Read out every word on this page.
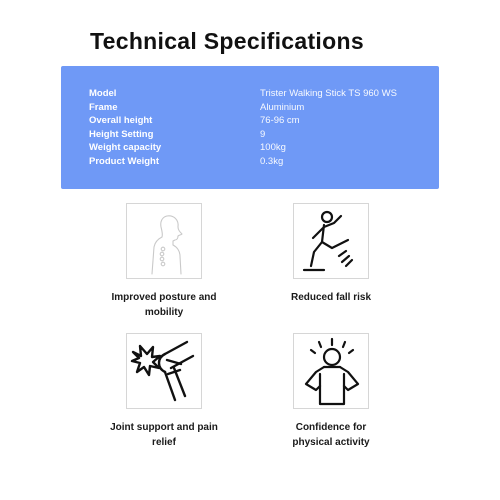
Technical Specifications
Model	Trister Walking Stick TS 960 WS
Frame	Aluminium
Overall height	76-96 cm
Height Setting	9
Weight capacity	100kg
Product Weight	0.3kg
Improved posture and
mobility
Reduced fall risk
Joint support and pain
relief
Confidence for
physical activity
